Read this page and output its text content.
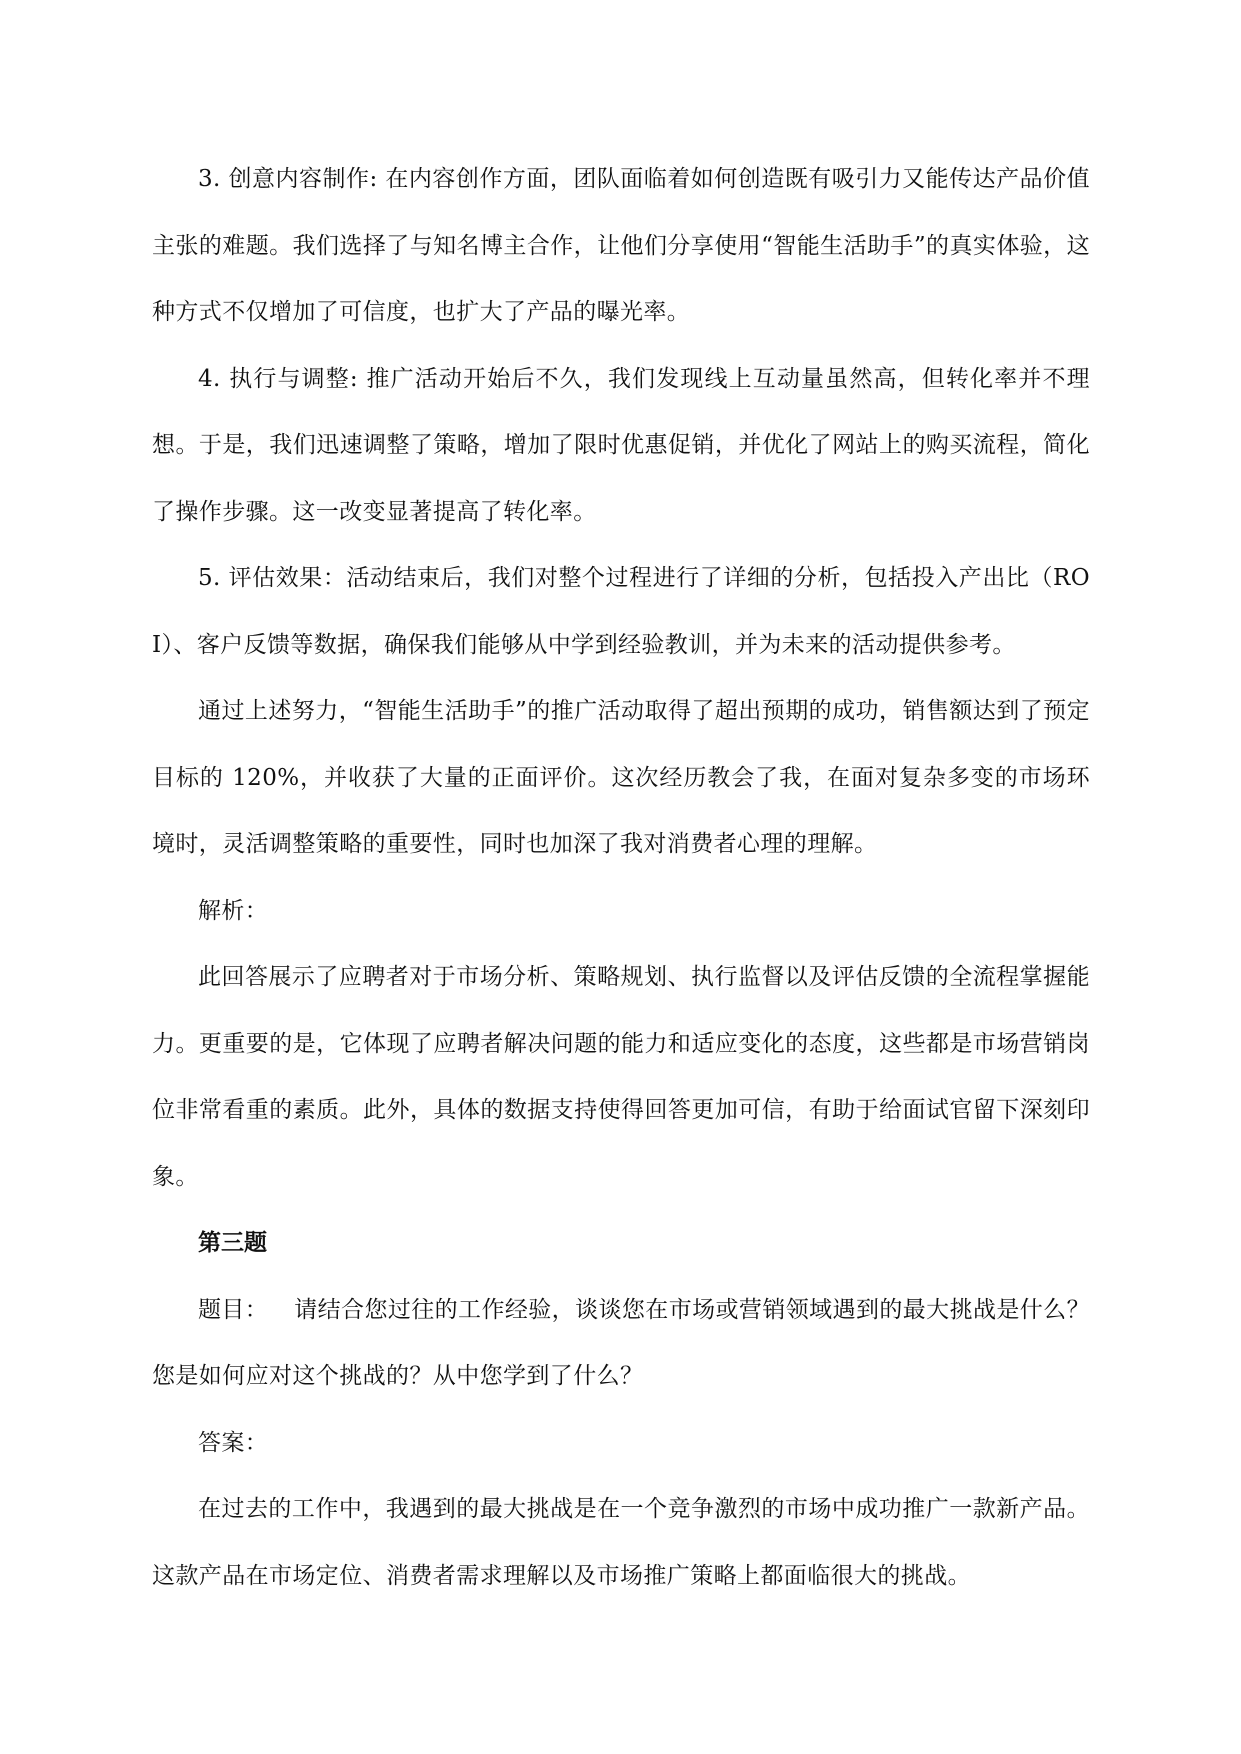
3. 创意内容制作: 在内容创作方面，团队面临着如何创造既有吸引力又能传达产品价值主张的难题。我们选择了与知名博主合作，让他们分享使用“智能生活助手”的真实体验，这种方式不仅增加了可信度，也扩大了产品的曝光率。

4. 执行与调整: 推广活动开始后不久，我们发现线上互动量虽然高，但转化率并不理想。于是，我们迅速调整了策略，增加了限时优惠促销，并优化了网站上的购买流程，简化了操作步骤。这一改变显著提高了转化率。

5. 评估效果：活动结束后，我们对整个过程进行了详细的分析，包括投入产出比（ROI）、客户反馈等数据，确保我们能够从中学到经验教训，并为未来的活动提供参考。

通过上述努力，“智能生活助手”的推广活动取得了超出预期的成功，销售额达到了预定目标的 120%，并收获了大量的正面评价。这次经历教会了我，在面对复杂多变的市场环境时，灵活调整策略的重要性，同时也加深了我对消费者心理的理解。

解析：

此回答展示了应聘者对于市场分析、策略规划、执行监督以及评估反馈的全流程掌握能力。更重要的是，它体现了应聘者解决问题的能力和适应变化的态度，这些都是市场营销岗位非常看重的素质。此外，具体的数据支持使得回答更加可信，有助于给面试官留下深刻印象。

第三题

题目： 请结合您过往的工作经验，谈谈您在市场或营销领域遇到的最大挑战是什么？您是如何应对这个挑战的？从中您学到了什么？

答案：

在过去的工作中，我遇到的最大挑战是在一个竞争激烈的市场中成功推广一款新产品。这款产品在市场定位、消费者需求理解以及市场推广策略上都面临很大的挑战。
